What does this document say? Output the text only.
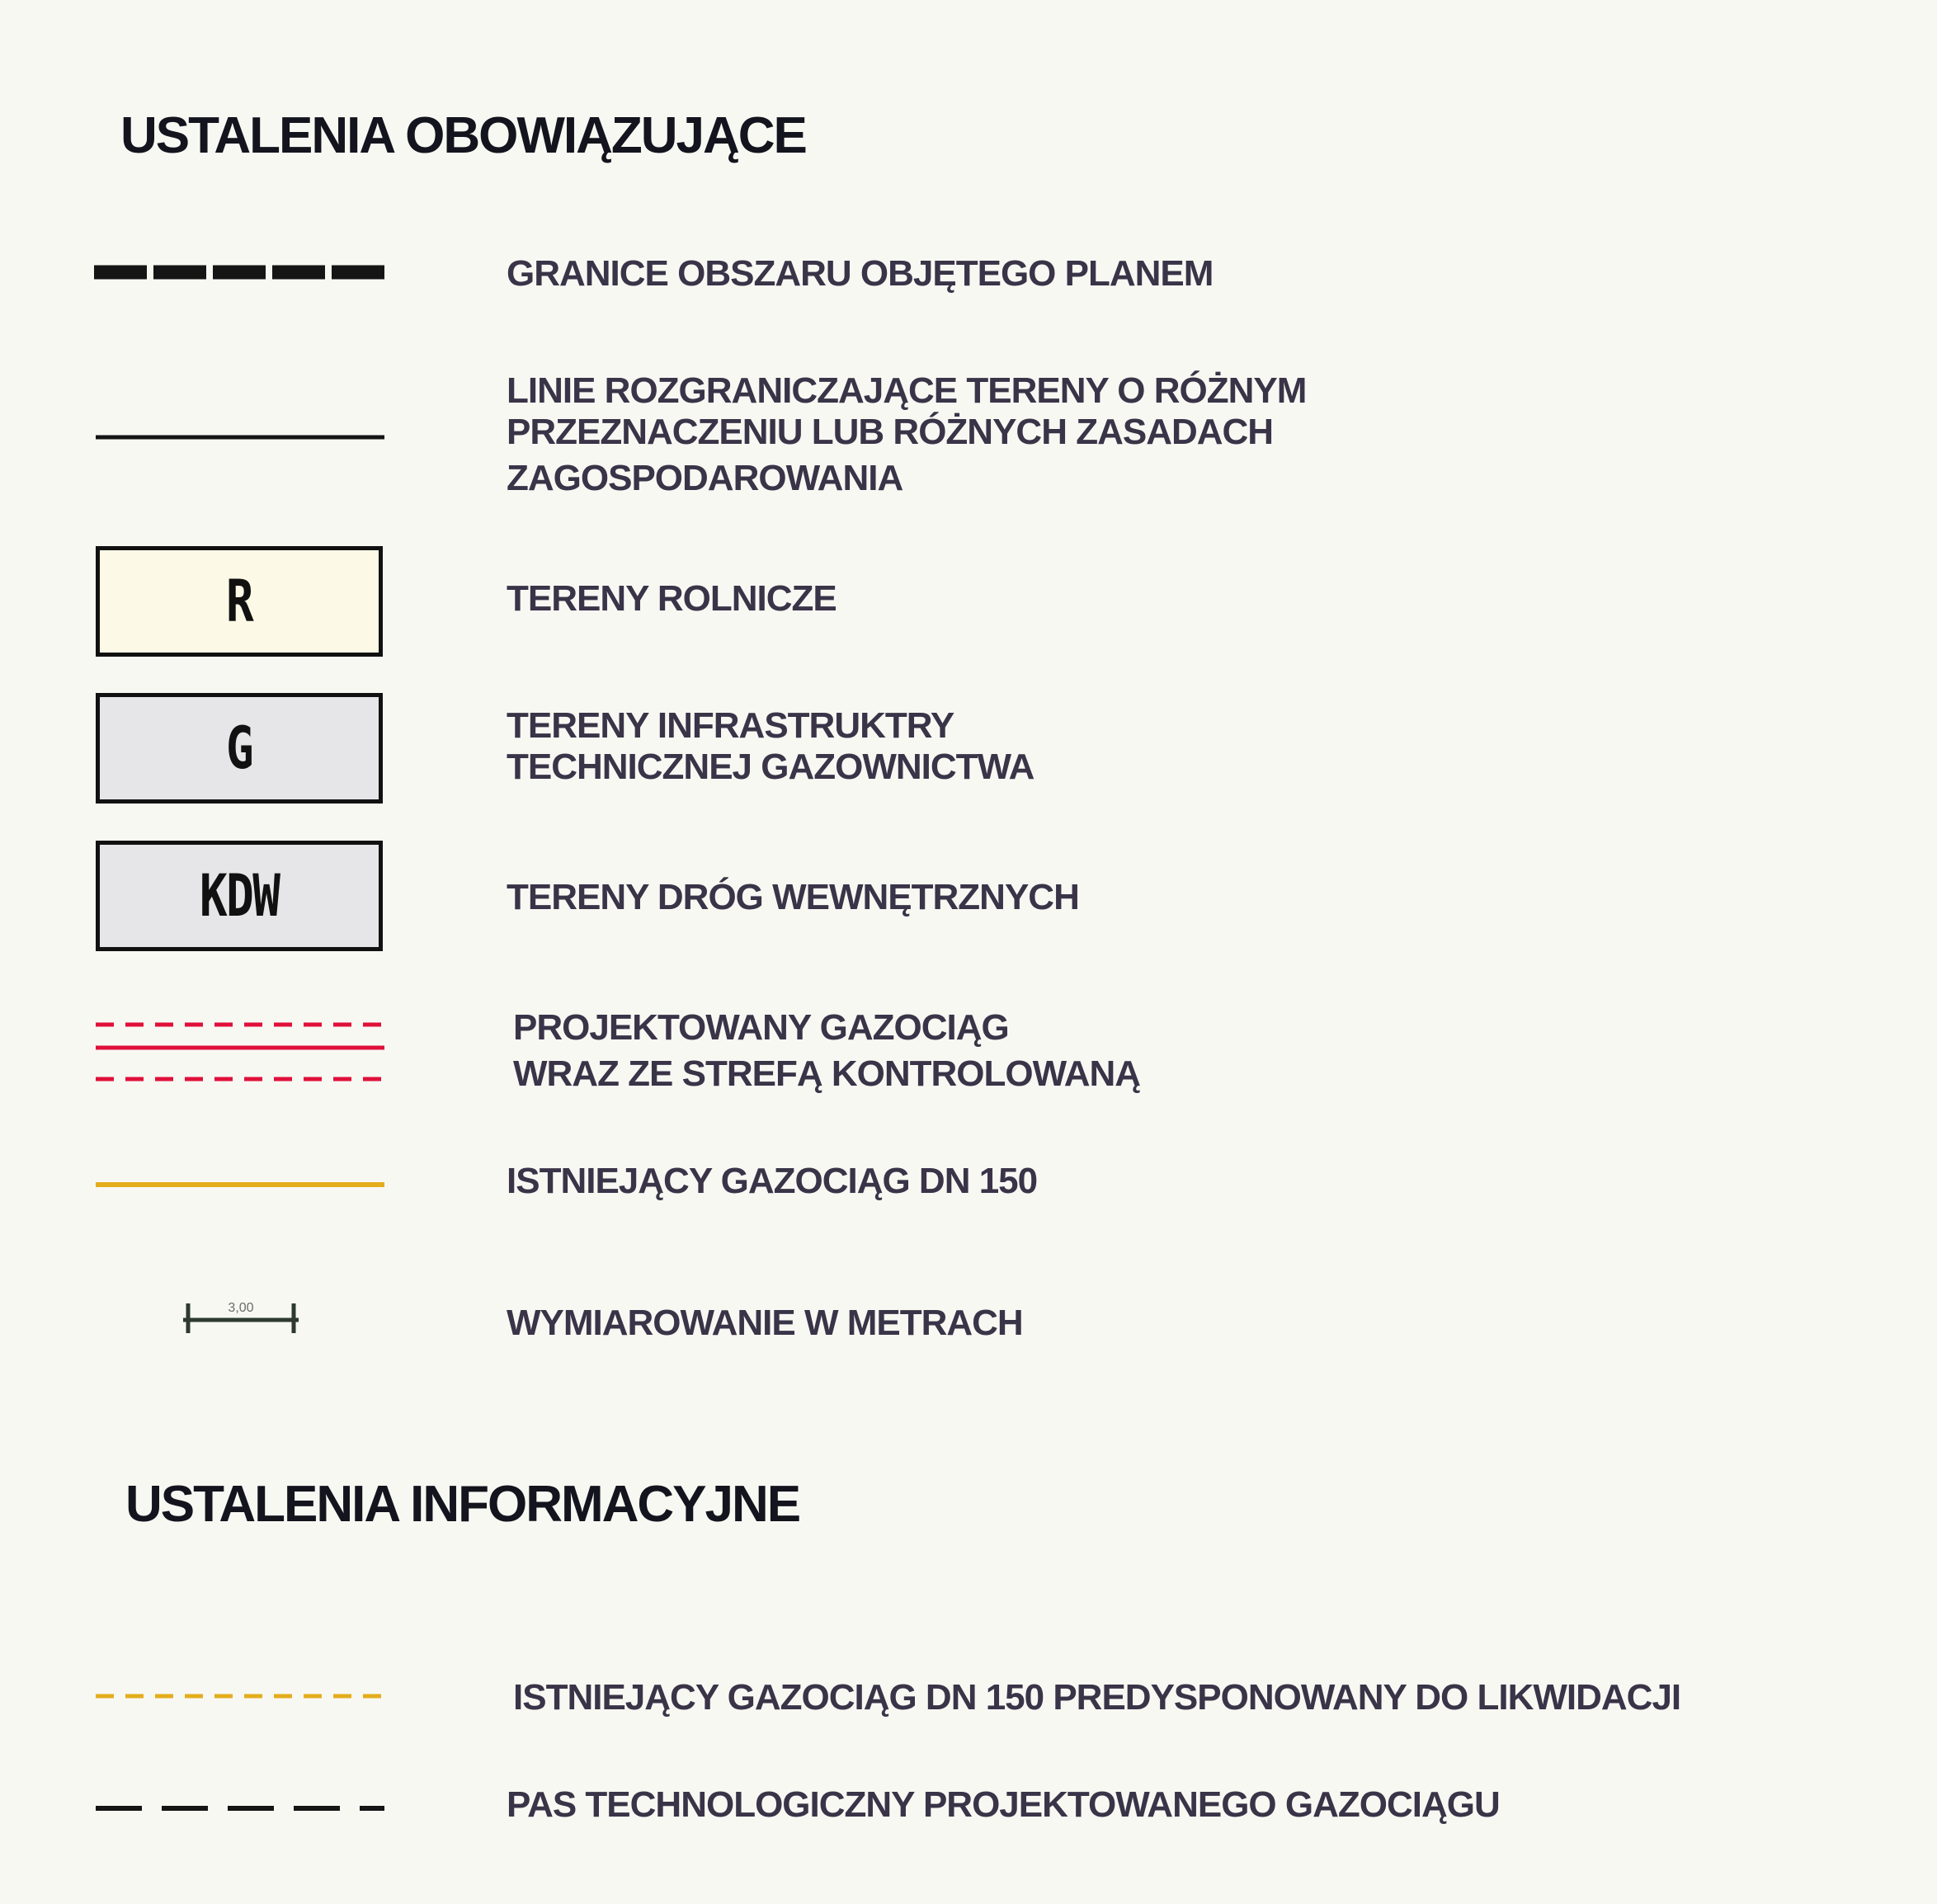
USTALENIA OBOWIĄZUJĄCE
GRANICE OBSZARU OBJĘTEGO PLANEM
LINIE ROZGRANICZAJĄCE TERENY O RÓŻNYM
PRZEZNACZENIU LUB RÓŻNYCH ZASADACH
ZAGOSPODAROWANIA
R	TERENY ROLNICZE
G	TERENY INFRASTRUKTRY
TECHNICZNEJ GAZOWNICTWA
KDW	TERENY DRÓG WEWNĘTRZNYCH
PROJEKTOWANY GAZOCIĄG
WRAZ ZE STREFĄ KONTROLOWANĄ
ISTNIEJĄCY GAZOCIĄG DN 150
3,00	WYMIAROWANIE W METRACH
USTALENIA INFORMACYJNE
ISTNIEJĄCY GAZOCIĄG DN 150 PREDYSPONOWANY DO LIKWIDACJI
PAS TECHNOLOGICZNY PROJEKTOWANEGO GAZOCIĄGU
